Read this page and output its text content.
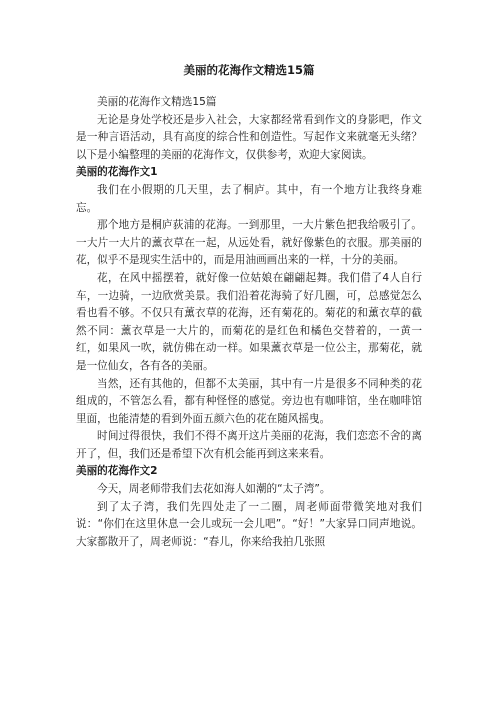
美丽的花海作文精选15篇

美丽的花海作文精选15篇

无论是身处学校还是步入社会，大家都经常看到作文的身影吧，作文是一种言语活动，具有高度的综合性和创造性。写起作文来就毫无头绪？以下是小编整理的美丽的花海作文，仅供参考，欢迎大家阅读。

美丽的花海作文1

我们在小假期的几天里，去了桐庐。其中，有一个地方让我终身难忘。

那个地方是桐庐荻浦的花海。一到那里，一大片紫色把我给吸引了。一大片一大片的薰衣草在一起，从远处看，就好像紫色的衣服。那美丽的花，似乎不是现实生活中的，而是用油画画出来的一样，十分的美丽。

花，在风中摇摆着，就好像一位姑娘在翩翩起舞。我们借了4人自行车，一边骑，一边欣赏美景。我们沿着花海骑了好几圈，可，总感觉怎么看也看不够。不仅只有薰衣草的花海，还有菊花的。菊花的和薰衣草的截然不同：薰衣草是一大片的，而菊花的是红色和橘色交替着的，一黄一红，如果风一吹，就仿佛在动一样。如果薰衣草是一位公主，那菊花，就是一位仙女，各有各的美丽。

当然，还有其他的，但都不太美丽，其中有一片是很多不同种类的花组成的，不管怎么看，都有种怪怪的感觉。旁边也有咖啡馆，坐在咖啡馆里面，也能清楚的看到外面五颜六色的花在随风摇曳。

时间过得很快，我们不得不离开这片美丽的花海，我们恋恋不舍的离开了，但，我们还是希望下次有机会能再到这来来看。

美丽的花海作文2

今天，周老师带我们去花如海人如潮的“太子湾”。

到了太子湾，我们先四处走了一二圈，周老师面带微笑地对我们说：“你们在这里休息一会儿或玩一会儿吧”。“好！”大家异口同声地说。大家都散开了，周老师说：“春儿，你来给我拍几张照
